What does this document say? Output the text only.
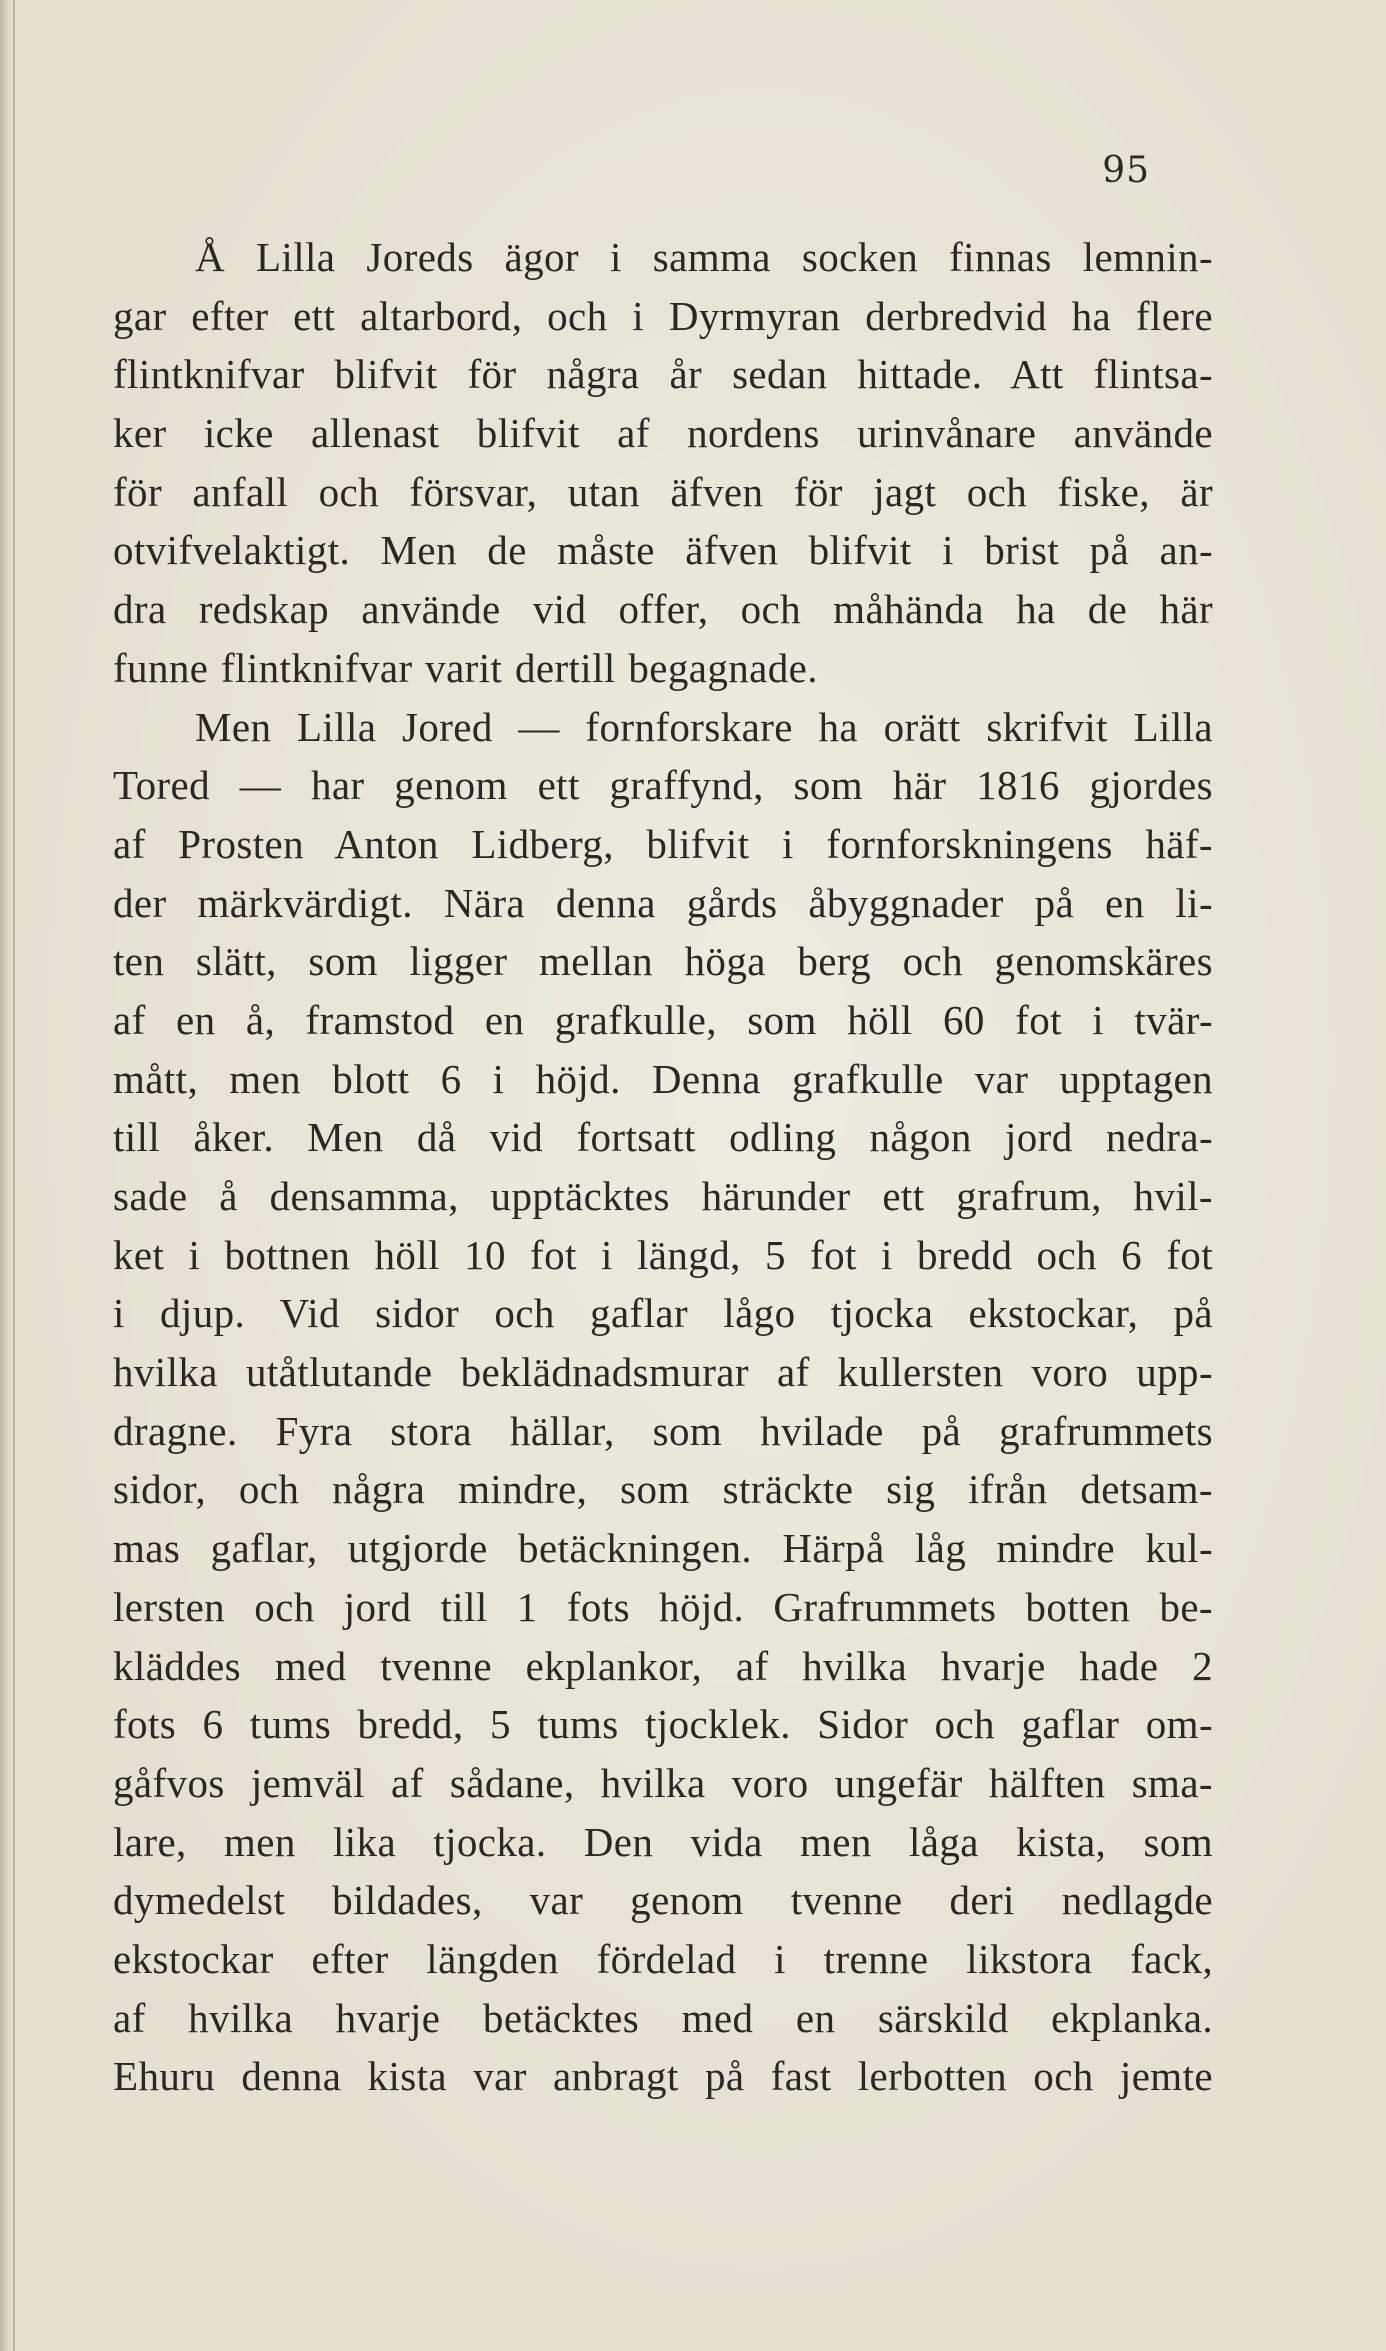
95
Å Lilla Joreds ägor i samma socken finnas lemnin-
gar efter ett altarbord, och i Dyrmyran derbredvid ha flere
flintknifvar blifvit för några år sedan hittade. Att flintsa-
ker icke allenast blifvit af nordens urinvånare använde
för anfall och försvar, utan äfven för jagt och fiske, är
otvifvelaktigt. Men de måste äfven blifvit i brist på an-
dra redskap använde vid offer, och måhända ha de här
funne flintknifvar varit dertill begagnade.
Men Lilla Jored — fornforskare ha orätt skrifvit Lilla
Tored — har genom ett graffynd, som här 1816 gjordes
af Prosten Anton Lidberg, blifvit i fornforskningens häf-
der märkvärdigt. Nära denna gårds åbyggnader på en li-
ten slätt, som ligger mellan höga berg och genomskäres
af en å, framstod en grafkulle, som höll 60 fot i tvär-
mått, men blott 6 i höjd. Denna grafkulle var upptagen
till åker. Men då vid fortsatt odling någon jord nedra-
sade å densamma, upptäcktes härunder ett grafrum, hvil-
ket i bottnen höll 10 fot i längd, 5 fot i bredd och 6 fot
i djup. Vid sidor och gaflar lågo tjocka ekstockar, på
hvilka utåtlutande beklädnadsmurar af kullersten voro upp-
dragne. Fyra stora hällar, som hvilade på grafrummets
sidor, och några mindre, som sträckte sig ifrån detsam-
mas gaflar, utgjorde betäckningen. Härpå låg mindre kul-
lersten och jord till 1 fots höjd. Grafrummets botten be-
kläddes med tvenne ekplankor, af hvilka hvarje hade 2
fots 6 tums bredd, 5 tums tjocklek. Sidor och gaflar om-
gåfvos jemväl af sådane, hvilka voro ungefär hälften sma-
lare, men lika tjocka. Den vida men låga kista, som
dymedelst bildades, var genom tvenne deri nedlagde
ekstockar efter längden fördelad i trenne likstora fack,
af hvilka hvarje betäcktes med en särskild ekplanka.
Ehuru denna kista var anbragt på fast lerbotten och jemte
